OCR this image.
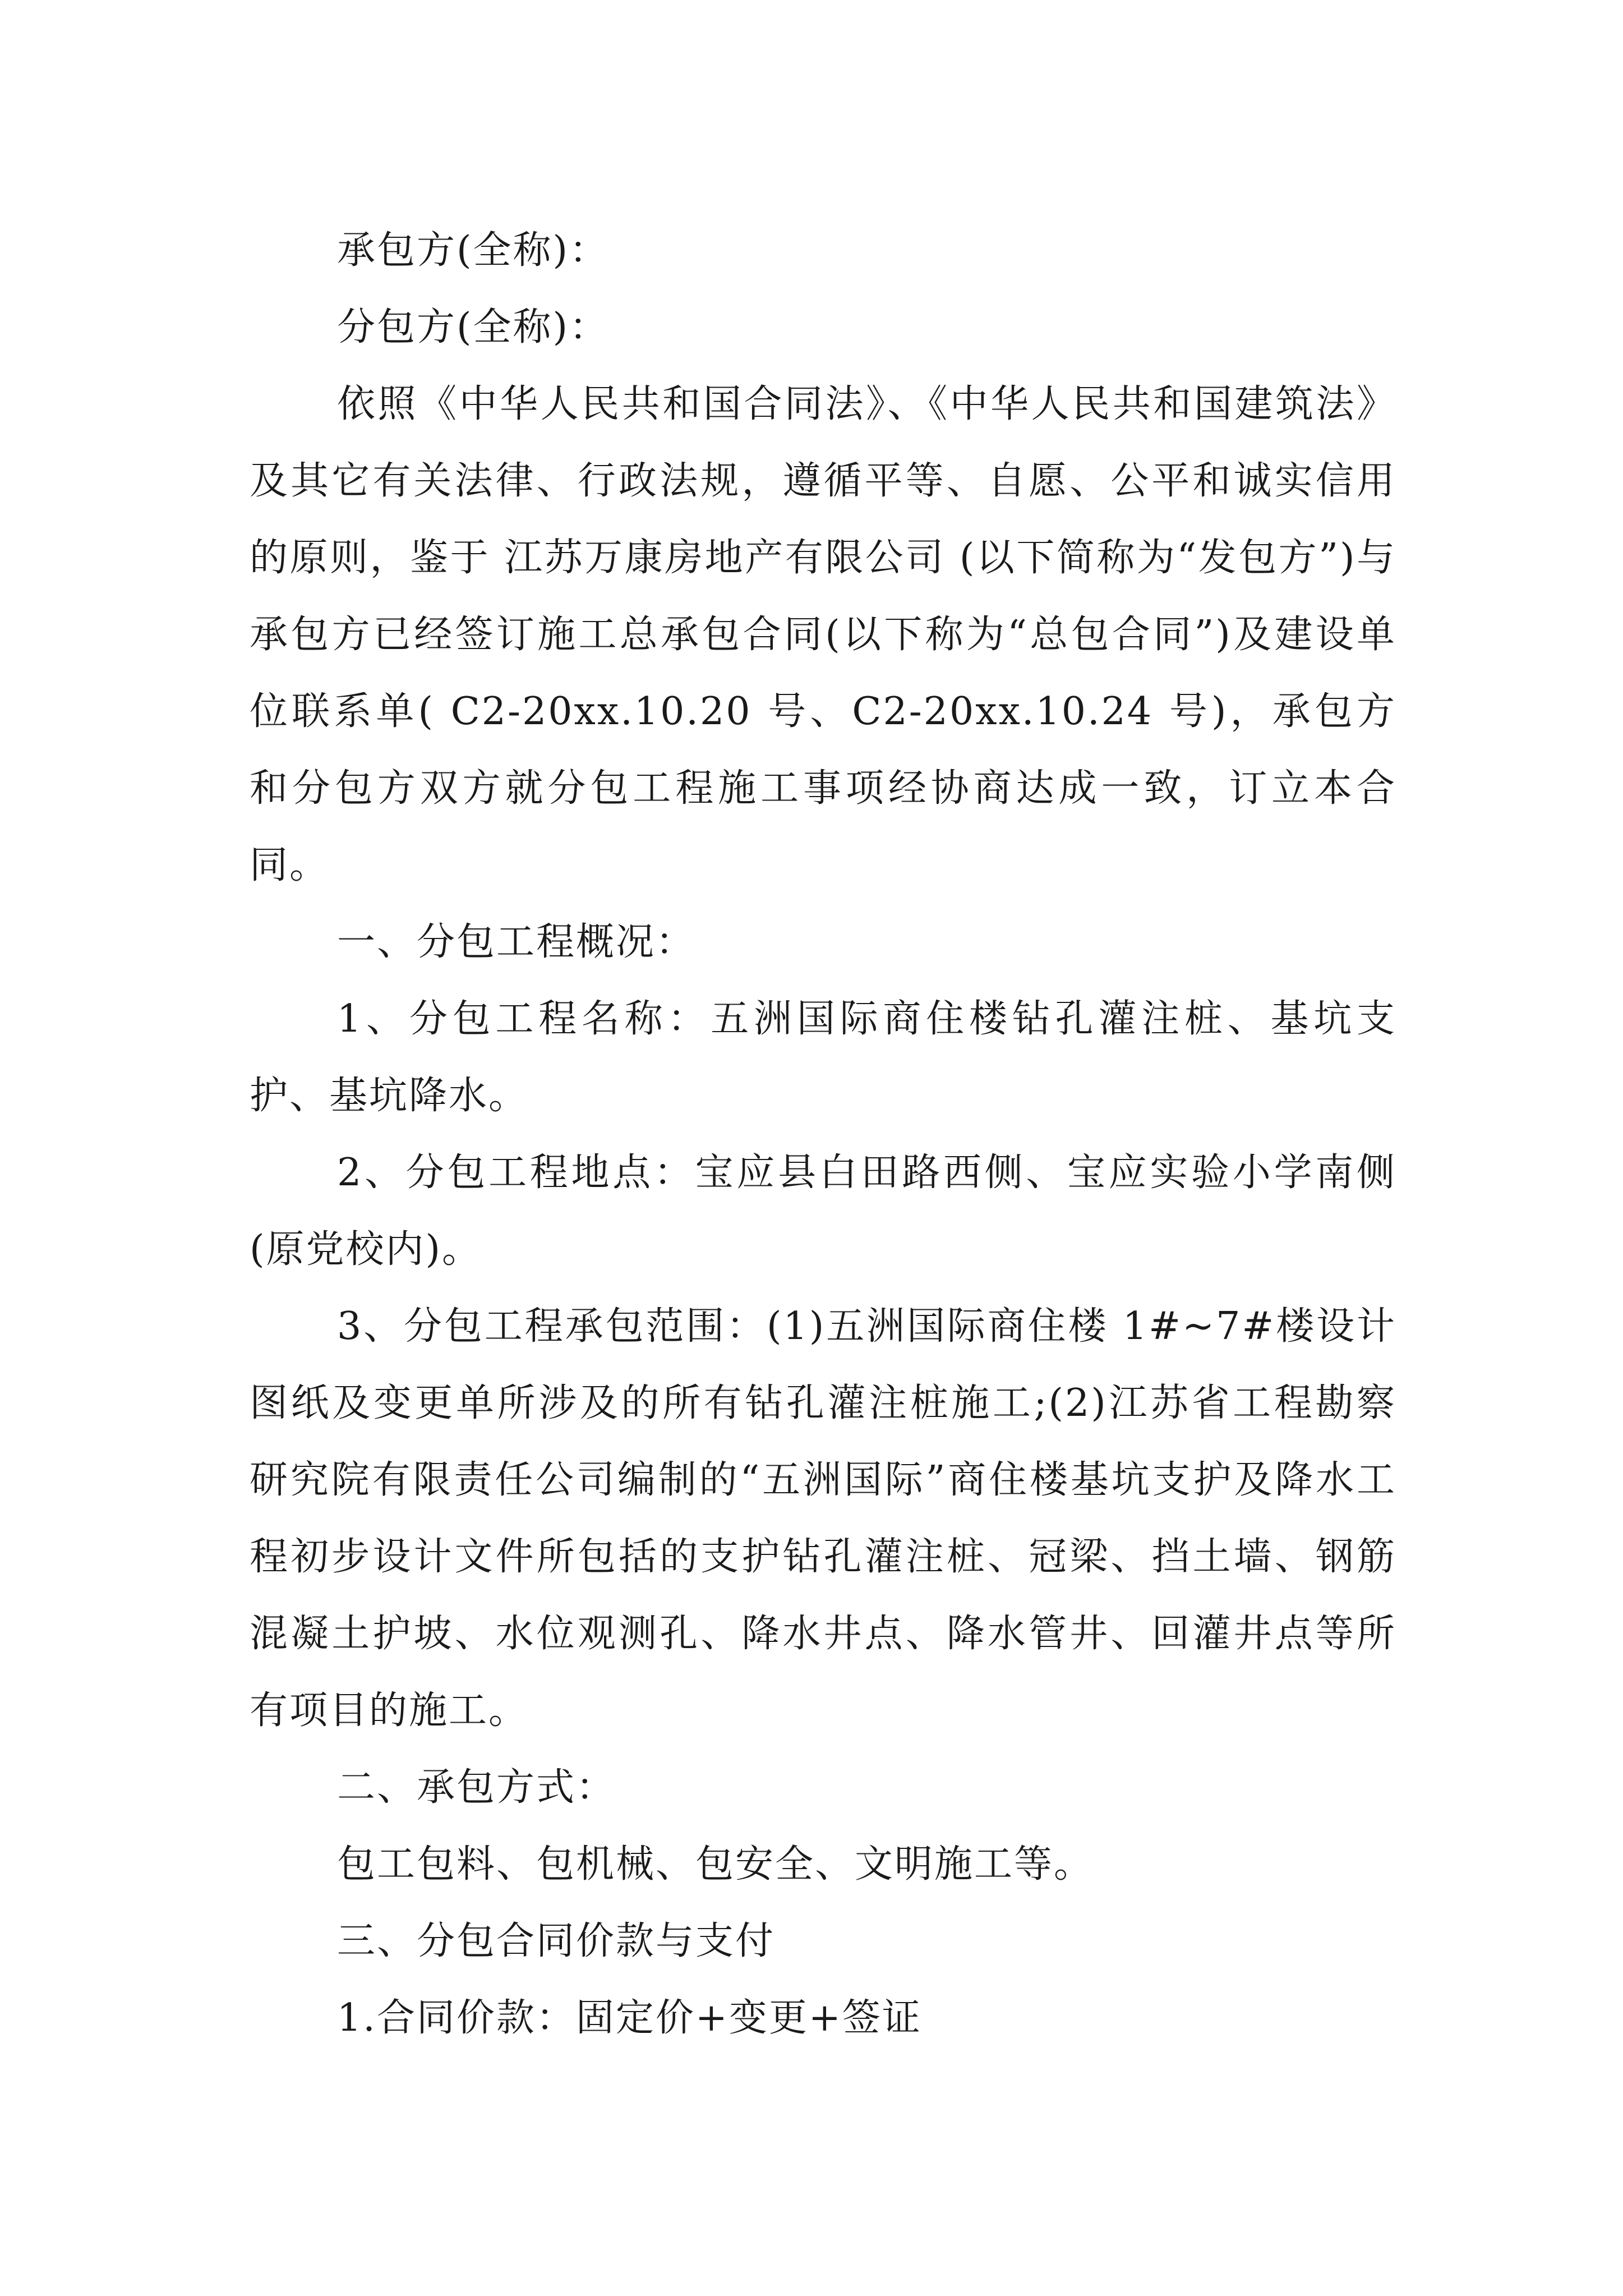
承包方(全称)：

分包方(全称)：

依照《中华人民共和国合同法》、《中华人民共和国建筑法》及其它有关法律、行政法规，遵循平等、自愿、公平和诚实信用的原则，鉴于 江苏万康房地产有限公司 (以下简称为“发包方”)与承包方已经签订施工总承包合同(以下称为“总包合同”)及建设单位联系单( C2-20xx.10.20 号、C2-20xx.10.24 号)，承包方和分包方双方就分包工程施工事项经协商达成一致，订立本合同。

一、分包工程概况：

1、分包工程名称：五洲国际商住楼钻孔灌注桩、基坑支护、基坑降水。

2、分包工程地点：宝应县白田路西侧、宝应实验小学南侧(原党校内)。

3、分包工程承包范围：(1)五洲国际商住楼 1#~7#楼设计图纸及变更单所涉及的所有钻孔灌注桩施工;(2)江苏省工程勘察研究院有限责任公司编制的“五洲国际”商住楼基坑支护及降水工程初步设计文件所包括的支护钻孔灌注桩、冠梁、挡土墙、钢筋混凝土护坡、水位观测孔、降水井点、降水管井、回灌井点等所有项目的施工。

二、承包方式：

包工包料、包机械、包安全、文明施工等。

三、分包合同价款与支付

1.合同价款：固定价+变更+签证
